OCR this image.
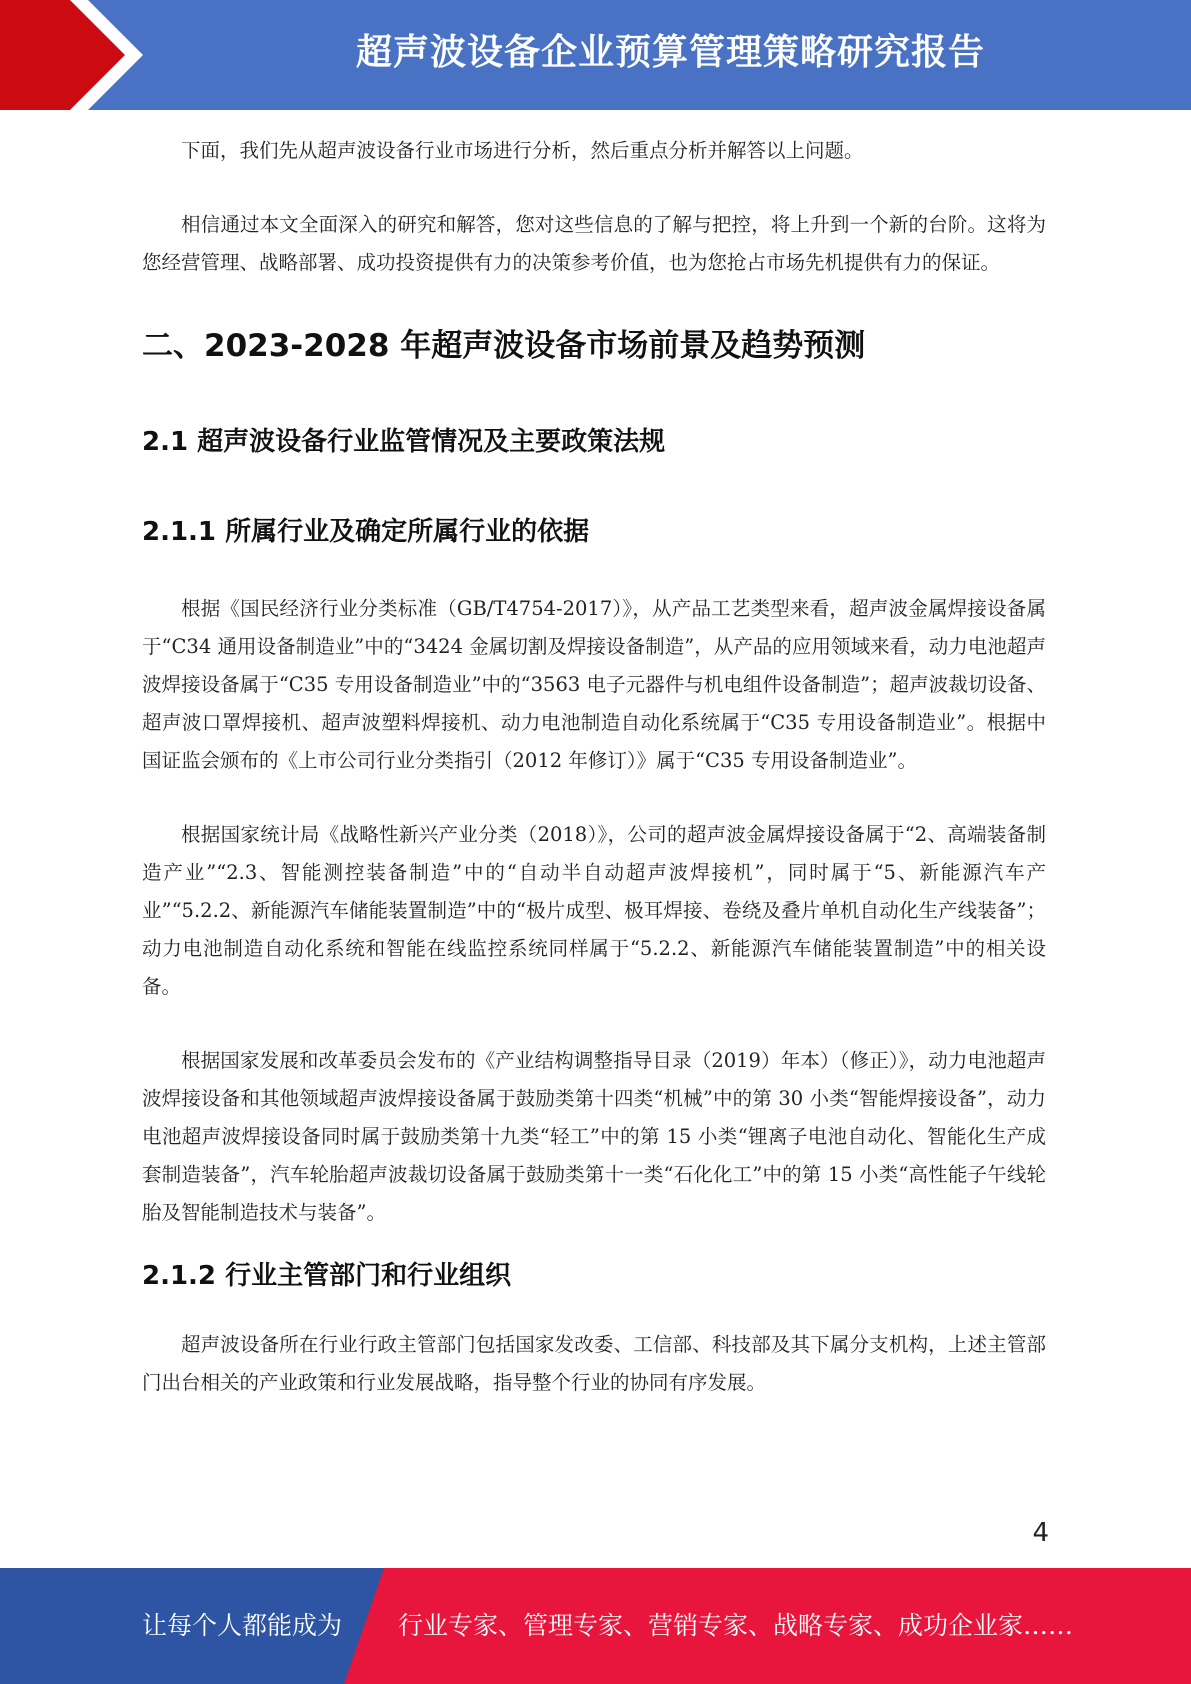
超声波设备企业预算管理策略研究报告

下面，我们先从超声波设备行业市场进行分析，然后重点分析并解答以上问题。

相信通过本文全面深入的研究和解答，您对这些信息的了解与把控，将上升到一个新的台阶。这将为您经营管理、战略部署、成功投资提供有力的决策参考价值，也为您抢占市场先机提供有力的保证。

二、2023-2028 年超声波设备市场前景及趋势预测
2.1 超声波设备行业监管情况及主要政策法规
2.1.1 所属行业及确定所属行业的依据

根据《国民经济行业分类标准（GB/T4754-2017）》，从产品工艺类型来看，超声波金属焊接设备属于“C34 通用设备制造业”中的“3424 金属切割及焊接设备制造”，从产品的应用领域来看，动力电池超声波焊接设备属于“C35 专用设备制造业”中的“3563 电子元器件与机电组件设备制造”；超声波裁切设备、超声波口罩焊接机、超声波塑料焊接机、动力电池制造自动化系统属于“C35 专用设备制造业”。根据中国证监会颁布的《上市公司行业分类指引（2012 年修订）》属于“C35 专用设备制造业”。

根据国家统计局《战略性新兴产业分类（2018）》，公司的超声波金属焊接设备属于“2、高端装备制造产业”“2.3、智能测控装备制造”中的“自动半自动超声波焊接机”，同时属于“5、新能源汽车产业”“5.2.2、新能源汽车储能装置制造”中的“极片成型、极耳焊接、卷绕及叠片单机自动化生产线装备”；动力电池制造自动化系统和智能在线监控系统同样属于“5.2.2、新能源汽车储能装置制造”中的相关设备。

根据国家发展和改革委员会发布的《产业结构调整指导目录（2019）年本）（修正）》，动力电池超声波焊接设备和其他领域超声波焊接设备属于鼓励类第十四类“机械”中的第 30 小类“智能焊接设备”，动力电池超声波焊接设备同时属于鼓励类第十九类“轻工”中的第 15 小类“锂离子电池自动化、智能化生产成套制造装备”，汽车轮胎超声波裁切设备属于鼓励类第十一类“石化化工”中的第 15 小类“高性能子午线轮胎及智能制造技术与装备”。

2.1.2 行业主管部门和行业组织

超声波设备所在行业行政主管部门包括国家发改委、工信部、科技部及其下属分支机构，上述主管部门出台相关的产业政策和行业发展战略，指导整个行业的协同有序发展。

4
让每个人都能成为 行业专家、管理专家、营销专家、战略专家、成功企业家……
